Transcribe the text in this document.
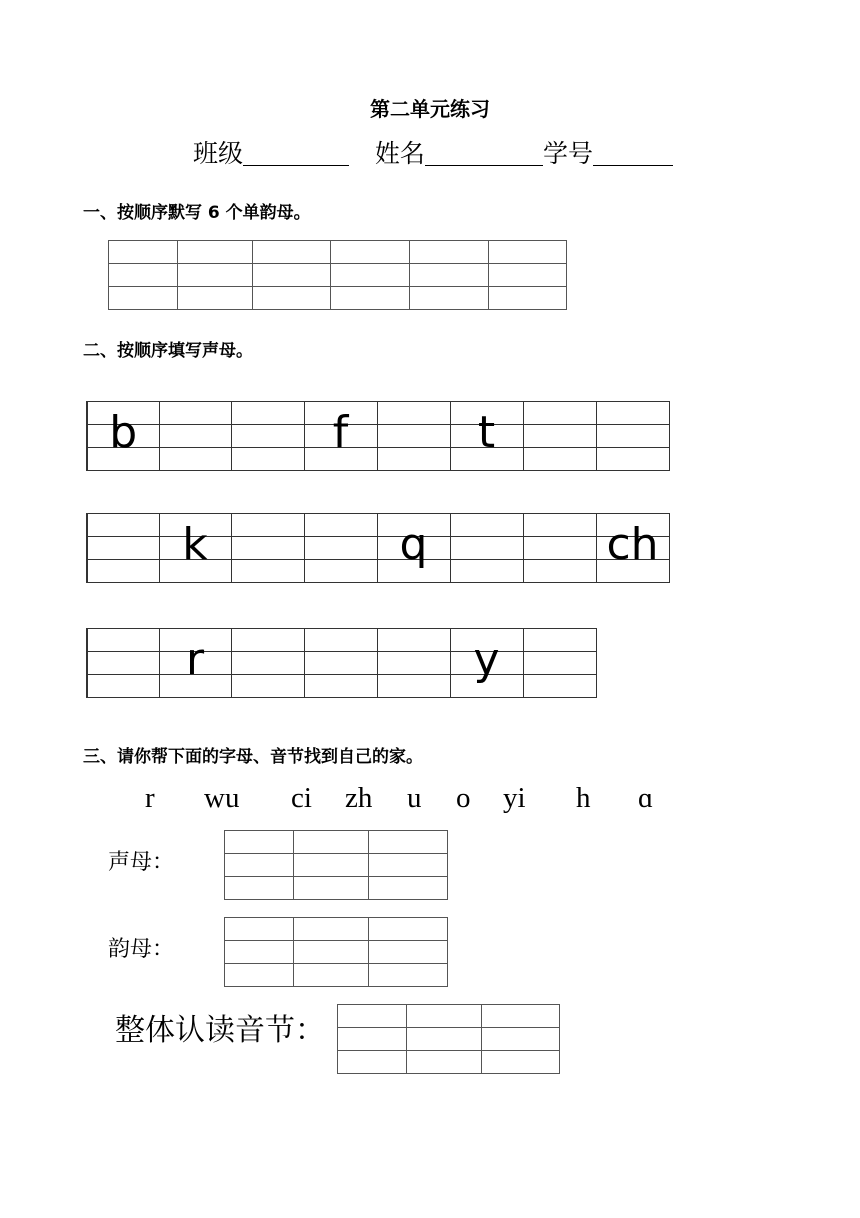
第二单元练习
班级	姓名	学号
一、按顺序默写 6 个单韵母。

二、按顺序填写声母。
b			f		t		

	k			q			ch

	r				y	

三、请你帮下面的字母、音节找到自己的家。
r wu ci zh u o yi h ɑ
声母：

韵母：

整体认读音节：
